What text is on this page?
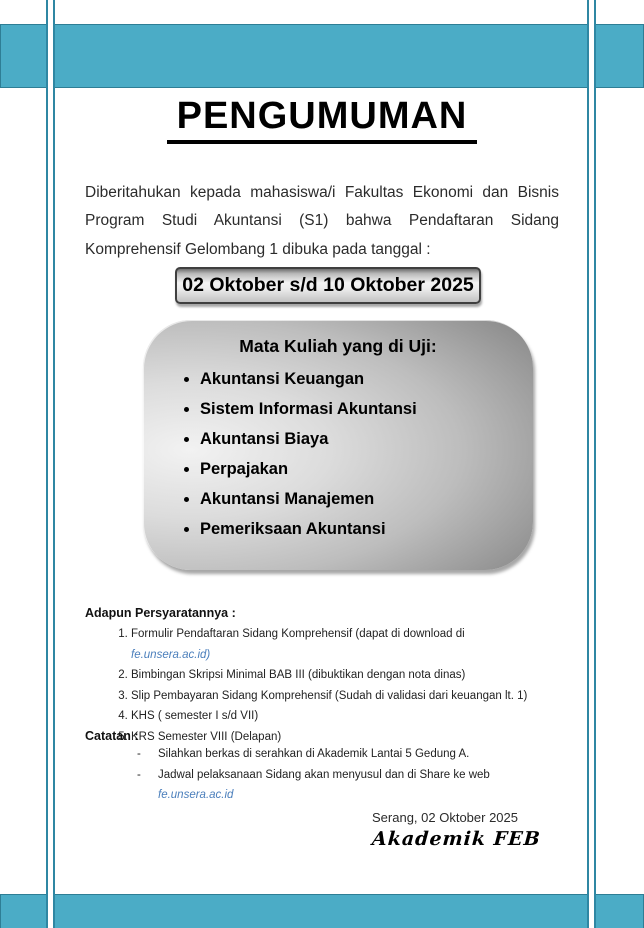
PENGUMUMAN

Diberitahukan kepada mahasiswa/i Fakultas Ekonomi dan Bisnis Program Studi Akuntansi (S1) bahwa Pendaftaran Sidang Komprehensif Gelombang 1 dibuka pada tanggal :

02 Oktober s/d 10 Oktober 2025
Mata Kuliah yang di Uji:
• Akuntansi Keuangan
• Sistem Informasi Akuntansi
• Akuntansi Biaya
• Perpajakan
• Akuntansi Manajemen
• Pemeriksaan Akuntansi
Adapun Persyaratannya :
1. Formulir Pendaftaran Sidang Komprehensif (dapat di download di fe.unsera.ac.id)
2. Bimbingan Skripsi Minimal BAB III (dibuktikan dengan nota dinas)
3. Slip Pembayaran Sidang Komprehensif (Sudah di validasi dari keuangan lt. 1)
4. KHS ( semester I s/d VII)
5. KRS Semester VIII (Delapan)
Catatan :
- Silahkan berkas di serahkan di Akademik Lantai 5 Gedung A.
- Jadwal pelaksanaan Sidang akan menyusul dan di Share ke web fe.unsera.ac.id
Serang, 02 Oktober 2025
Akademik FEB
